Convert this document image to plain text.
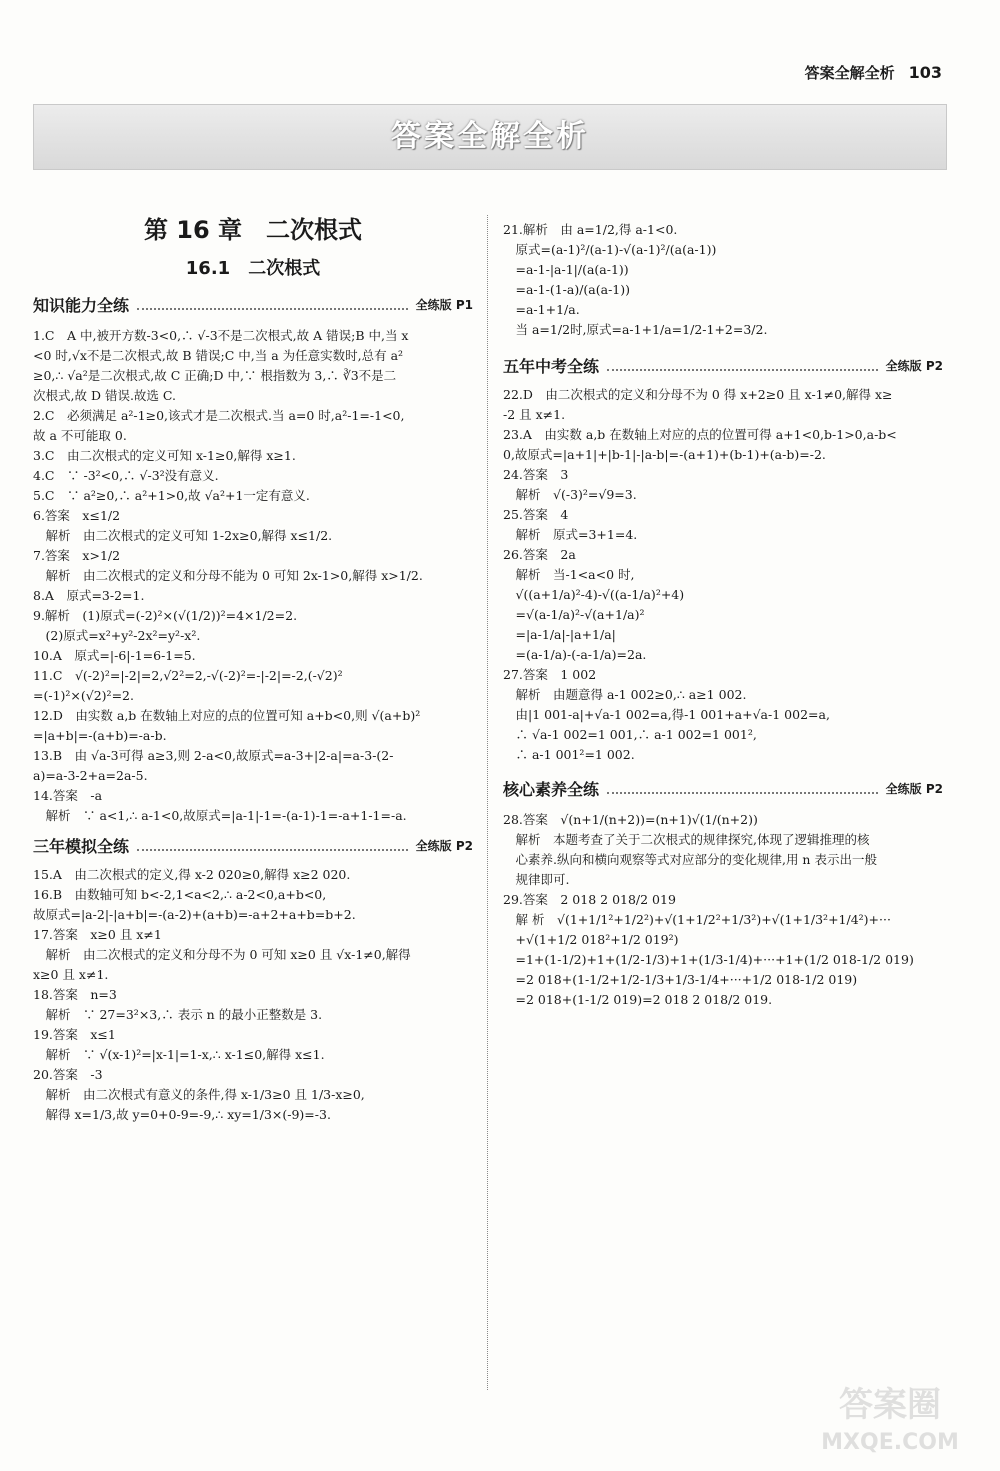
答案全解全析 103
答案全解全析
第 16 章　二次根式
16.1　二次根式
知识能力全练	全练版 P1
1.C　A 中,被开方数-3<0,∴ √-3不是二次根式,故 A 错误;B 中,当 x
<0 时,√x不是二次根式,故 B 错误;C 中,当 a 为任意实数时,总有 a²
≥0,∴ √a²是二次根式,故 C 正确;D 中,∵ 根指数为 3,∴ ∛3不是二
次根式,故 D 错误.故选 C.
2.C　必须满足 a²-1≥0,该式才是二次根式.当 a=0 时,a²-1=-1<0,
故 a 不可能取 0.
3.C　由二次根式的定义可知 x-1≥0,解得 x≥1.
4.C　∵ -3²<0,∴ √-3²没有意义.
5.C　∵ a²≥0,∴ a²+1>0,故 √a²+1一定有意义.
6.答案　x≤1/2
　解析　由二次根式的定义可知 1-2x≥0,解得 x≤1/2.
7.答案　x>1/2
　解析　由二次根式的定义和分母不能为 0 可知 2x-1>0,解得 x>1/2.
8.A　原式=3-2=1.
9.解析　(1)原式=(-2)²×(√(1/2))²=4×1/2=2.
　(2)原式=x²+y²-2x²=y²-x².
10.A　原式=|-6|-1=6-1=5.
11.C　√(-2)²=|-2|=2,√2²=2,-√(-2)²=-|-2|=-2,(-√2)²
=(-1)²×(√2)²=2.
12.D　由实数 a,b 在数轴上对应的点的位置可知 a+b<0,则 √(a+b)²
=|a+b|=-(a+b)=-a-b.
13.B　由 √a-3可得 a≥3,则 2-a<0,故原式=a-3+|2-a|=a-3-(2-
a)=a-3-2+a=2a-5.
14.答案　-a
　解析　∵ a<1,∴ a-1<0,故原式=|a-1|-1=-(a-1)-1=-a+1-1=-a.
三年模拟全练	全练版 P2
15.A　由二次根式的定义,得 x-2 020≥0,解得 x≥2 020.
16.B　由数轴可知 b<-2,1<a<2,∴ a-2<0,a+b<0,
故原式=|a-2|-|a+b|=-(a-2)+(a+b)=-a+2+a+b=b+2.
17.答案　x≥0 且 x≠1
　解析　由二次根式的定义和分母不为 0 可知 x≥0 且 √x-1≠0,解得
x≥0 且 x≠1.
18.答案　n=3
　解析　∵ 27=3²×3,∴ 表示 n 的最小正整数是 3.
19.答案　x≤1
　解析　∵ √(x-1)²=|x-1|=1-x,∴ x-1≤0,解得 x≤1.
20.答案　-3
　解析　由二次根式有意义的条件,得 x-1/3≥0 且 1/3-x≥0,
　解得 x=1/3,故 y=0+0-9=-9,∴ xy=1/3×(-9)=-3.
21.解析　由 a=1/2,得 a-1<0.
　原式=(a-1)²/(a-1)-√(a-1)²/(a(a-1))
　=a-1-|a-1|/(a(a-1))
　=a-1-(1-a)/(a(a-1))
　=a-1+1/a.
　当 a=1/2时,原式=a-1+1/a=1/2-1+2=3/2.
五年中考全练	全练版 P2
22.D　由二次根式的定义和分母不为 0 得 x+2≥0 且 x-1≠0,解得 x≥
-2 且 x≠1.
23.A　由实数 a,b 在数轴上对应的点的位置可得 a+1<0,b-1>0,a-b<
0,故原式=|a+1|+|b-1|-|a-b|=-(a+1)+(b-1)+(a-b)=-2.
24.答案　3
　解析　√(-3)²=√9=3.
25.答案　4
　解析　原式=3+1=4.
26.答案　2a
　解析　当-1<a<0 时,
　√((a+1/a)²-4)-√((a-1/a)²+4)
　=√(a-1/a)²-√(a+1/a)²
　=|a-1/a|-|a+1/a|
　=(a-1/a)-(-a-1/a)=2a.
27.答案　1 002
　解析　由题意得 a-1 002≥0,∴ a≥1 002.
　由|1 001-a|+√a-1 002=a,得-1 001+a+√a-1 002=a,
　∴ √a-1 002=1 001,∴ a-1 002=1 001²,
　∴ a-1 001²=1 002.
核心素养全练	全练版 P2
28.答案　√(n+1/(n+2))=(n+1)√(1/(n+2))
　解析　本题考查了关于二次根式的规律探究,体现了逻辑推理的核
　心素养.纵向和横向观察等式对应部分的变化规律,用 n 表示出一般
　规律即可.
29.答案　2 018 2 018/2 019
　解 析　√(1+1/1²+1/2²)+√(1+1/2²+1/3²)+√(1+1/3²+1/4²)+···
　+√(1+1/2 018²+1/2 019²)
　=1+(1-1/2)+1+(1/2-1/3)+1+(1/3-1/4)+···+1+(1/2 018-1/2 019)
　=2 018+(1-1/2+1/2-1/3+1/3-1/4+···+1/2 018-1/2 019)
　=2 018+(1-1/2 019)=2 018 2 018/2 019.
答案圈
MXQE.COM
